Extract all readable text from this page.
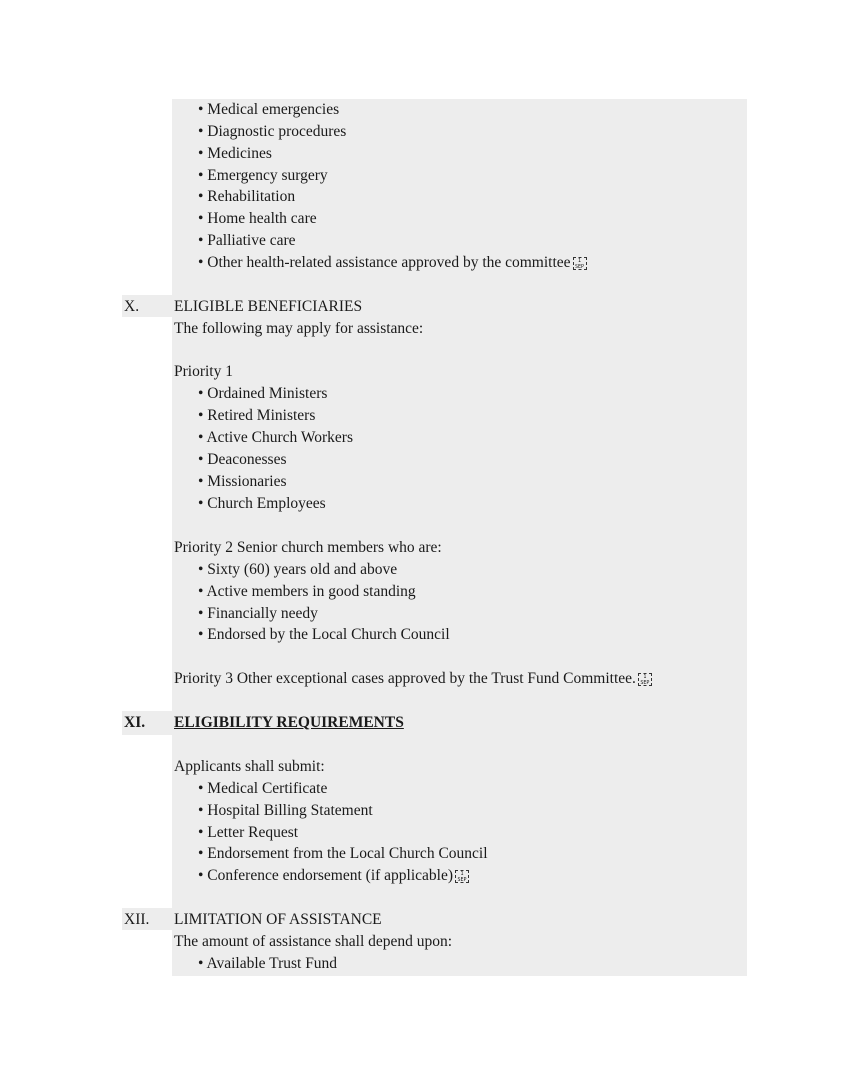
• Medical emergencies
• Diagnostic procedures
• Medicines
• Emergency surgery
• Rehabilitation
• Home health care
• Palliative care
• Other health-related assistance approved by the committee	1
SEP
X. ELIGIBLE BENEFICIARIES
The following may apply for assistance:
Priority 1
• Ordained Ministers
• Retired Ministers
• Active Church Workers
• Deaconesses
• Missionaries
• Church Employees
Priority 2 Senior church members who are:
• Sixty (60) years old and above
• Active members in good standing
• Financially needy
• Endorsed by the Local Church Council
Priority 3 Other exceptional cases approved by the Trust Fund Committee.	1
SEP
XI. ELIGIBILITY REQUIREMENTS
Applicants shall submit:
• Medical Certificate
• Hospital Billing Statement
• Letter Request
• Endorsement from the Local Church Council
• Conference endorsement (if applicable)	1
SEP
XII. LIMITATION OF ASSISTANCE
The amount of assistance shall depend upon:
• Available Trust Fund
